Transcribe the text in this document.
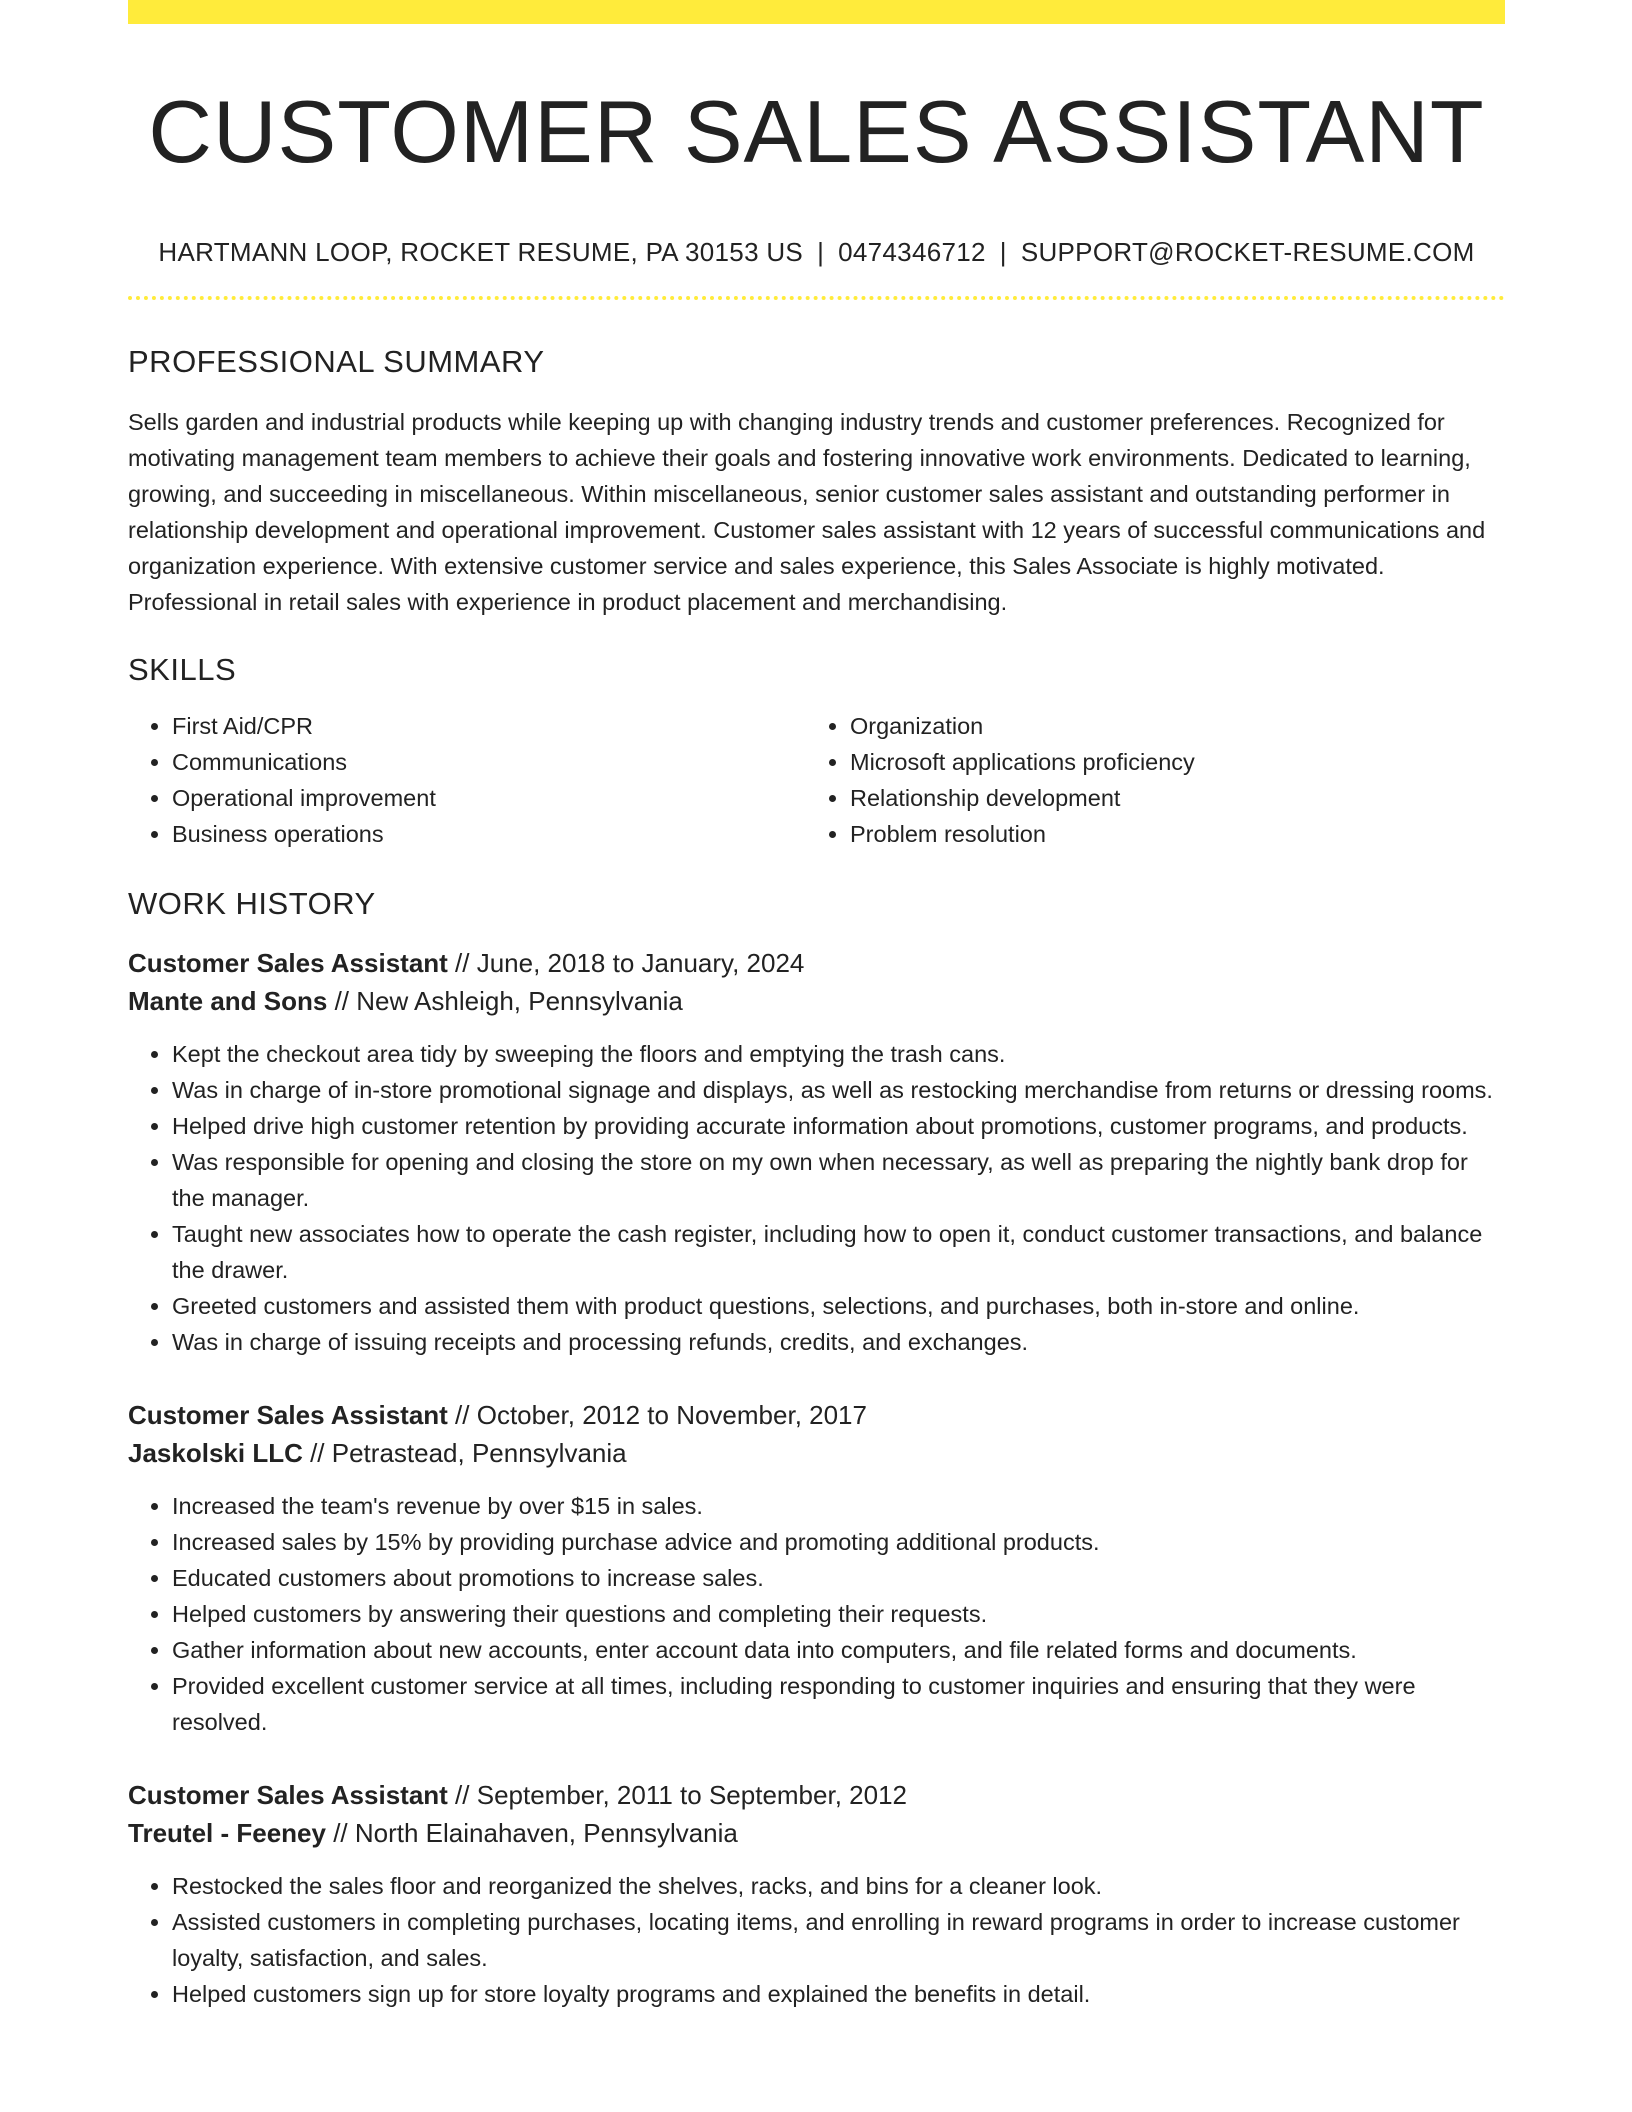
CUSTOMER SALES ASSISTANT
HARTMANN LOOP, ROCKET RESUME, PA 30153 US | 0474346712 | SUPPORT@ROCKET-RESUME.COM
PROFESSIONAL SUMMARY

Sells garden and industrial products while keeping up with changing industry trends and customer preferences. Recognized for motivating management team members to achieve their goals and fostering innovative work environments. Dedicated to learning, growing, and succeeding in miscellaneous. Within miscellaneous, senior customer sales assistant and outstanding performer in relationship development and operational improvement. Customer sales assistant with 12 years of successful communications and organization experience. With extensive customer service and sales experience, this Sales Associate is highly motivated. Professional in retail sales with experience in product placement and merchandising.

SKILLS
• First Aid/CPR
• Communications
• Operational improvement
• Business operations
• Organization
• Microsoft applications proficiency
• Relationship development
• Problem resolution
WORK HISTORY
Customer Sales Assistant // June, 2018 to January, 2024
Mante and Sons // New Ashleigh, Pennsylvania
• Kept the checkout area tidy by sweeping the floors and emptying the trash cans.
• Was in charge of in-store promotional signage and displays, as well as restocking merchandise from returns or dressing rooms.
• Helped drive high customer retention by providing accurate information about promotions, customer programs, and products.
• Was responsible for opening and closing the store on my own when necessary, as well as preparing the nightly bank drop for the manager.
• Taught new associates how to operate the cash register, including how to open it, conduct customer transactions, and balance the drawer.
• Greeted customers and assisted them with product questions, selections, and purchases, both in-store and online.
• Was in charge of issuing receipts and processing refunds, credits, and exchanges.
Customer Sales Assistant // October, 2012 to November, 2017
Jaskolski LLC // Petrastead, Pennsylvania
• Increased the team's revenue by over $15 in sales.
• Increased sales by 15% by providing purchase advice and promoting additional products.
• Educated customers about promotions to increase sales.
• Helped customers by answering their questions and completing their requests.
• Gather information about new accounts, enter account data into computers, and file related forms and documents.
• Provided excellent customer service at all times, including responding to customer inquiries and ensuring that they were resolved.
Customer Sales Assistant // September, 2011 to September, 2012
Treutel - Feeney // North Elainahaven, Pennsylvania
• Restocked the sales floor and reorganized the shelves, racks, and bins for a cleaner look.
• Assisted customers in completing purchases, locating items, and enrolling in reward programs in order to increase customer loyalty, satisfaction, and sales.
• Helped customers sign up for store loyalty programs and explained the benefits in detail.
